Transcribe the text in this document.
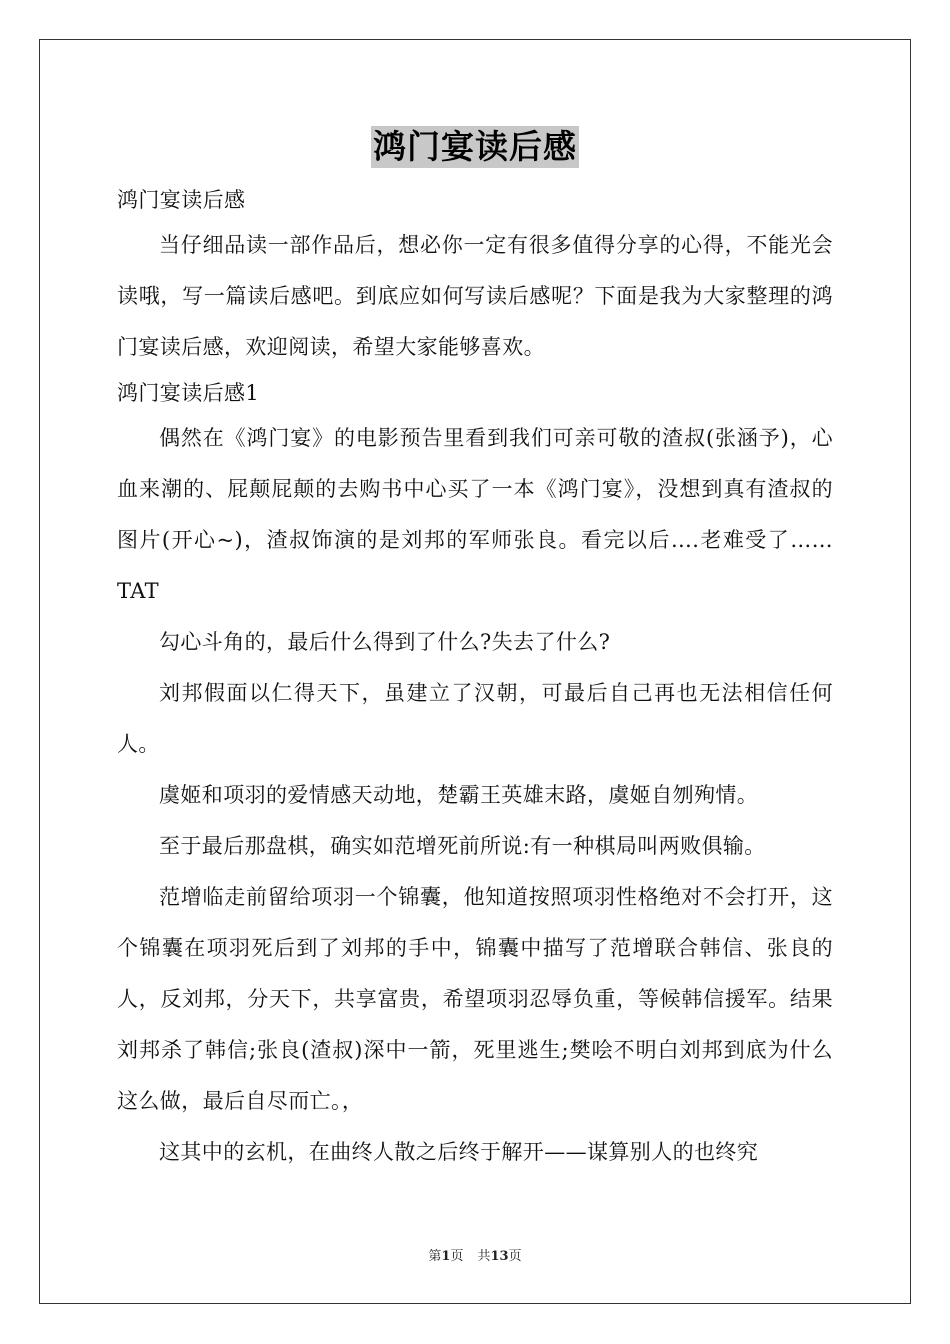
鸿门宴读后感

鸿门宴读后感

当仔细品读一部作品后，想必你一定有很多值得分享的心得，不能光会读哦，写一篇读后感吧。到底应如何写读后感呢？下面是我为大家整理的鸿门宴读后感，欢迎阅读，希望大家能够喜欢。

鸿门宴读后感1

偶然在《鸿门宴》的电影预告里看到我们可亲可敬的渣叔(张涵予)，心血来潮的、屁颠屁颠的去购书中心买了一本《鸿门宴》，没想到真有渣叔的图片(开心~)，渣叔饰演的是刘邦的军师张良。看完以后….老难受了……TAT

勾心斗角的，最后什么得到了什么?失去了什么?

刘邦假面以仁得天下，虽建立了汉朝，可最后自己再也无法相信任何人。

虞姬和项羽的爱情感天动地，楚霸王英雄末路，虞姬自刎殉情。

至于最后那盘棋，确实如范增死前所说:有一种棋局叫两败俱输。

范增临走前留给项羽一个锦囊，他知道按照项羽性格绝对不会打开，这个锦囊在项羽死后到了刘邦的手中，锦囊中描写了范增联合韩信、张良的人，反刘邦，分天下，共享富贵，希望项羽忍辱负重，等候韩信援军。结果刘邦杀了韩信;张良(渣叔)深中一箭，死里逃生;樊哙不明白刘邦到底为什么这么做，最后自尽而亡。，

这其中的玄机，在曲终人散之后终于解开——谋算别人的也终究

第1页 共13页
